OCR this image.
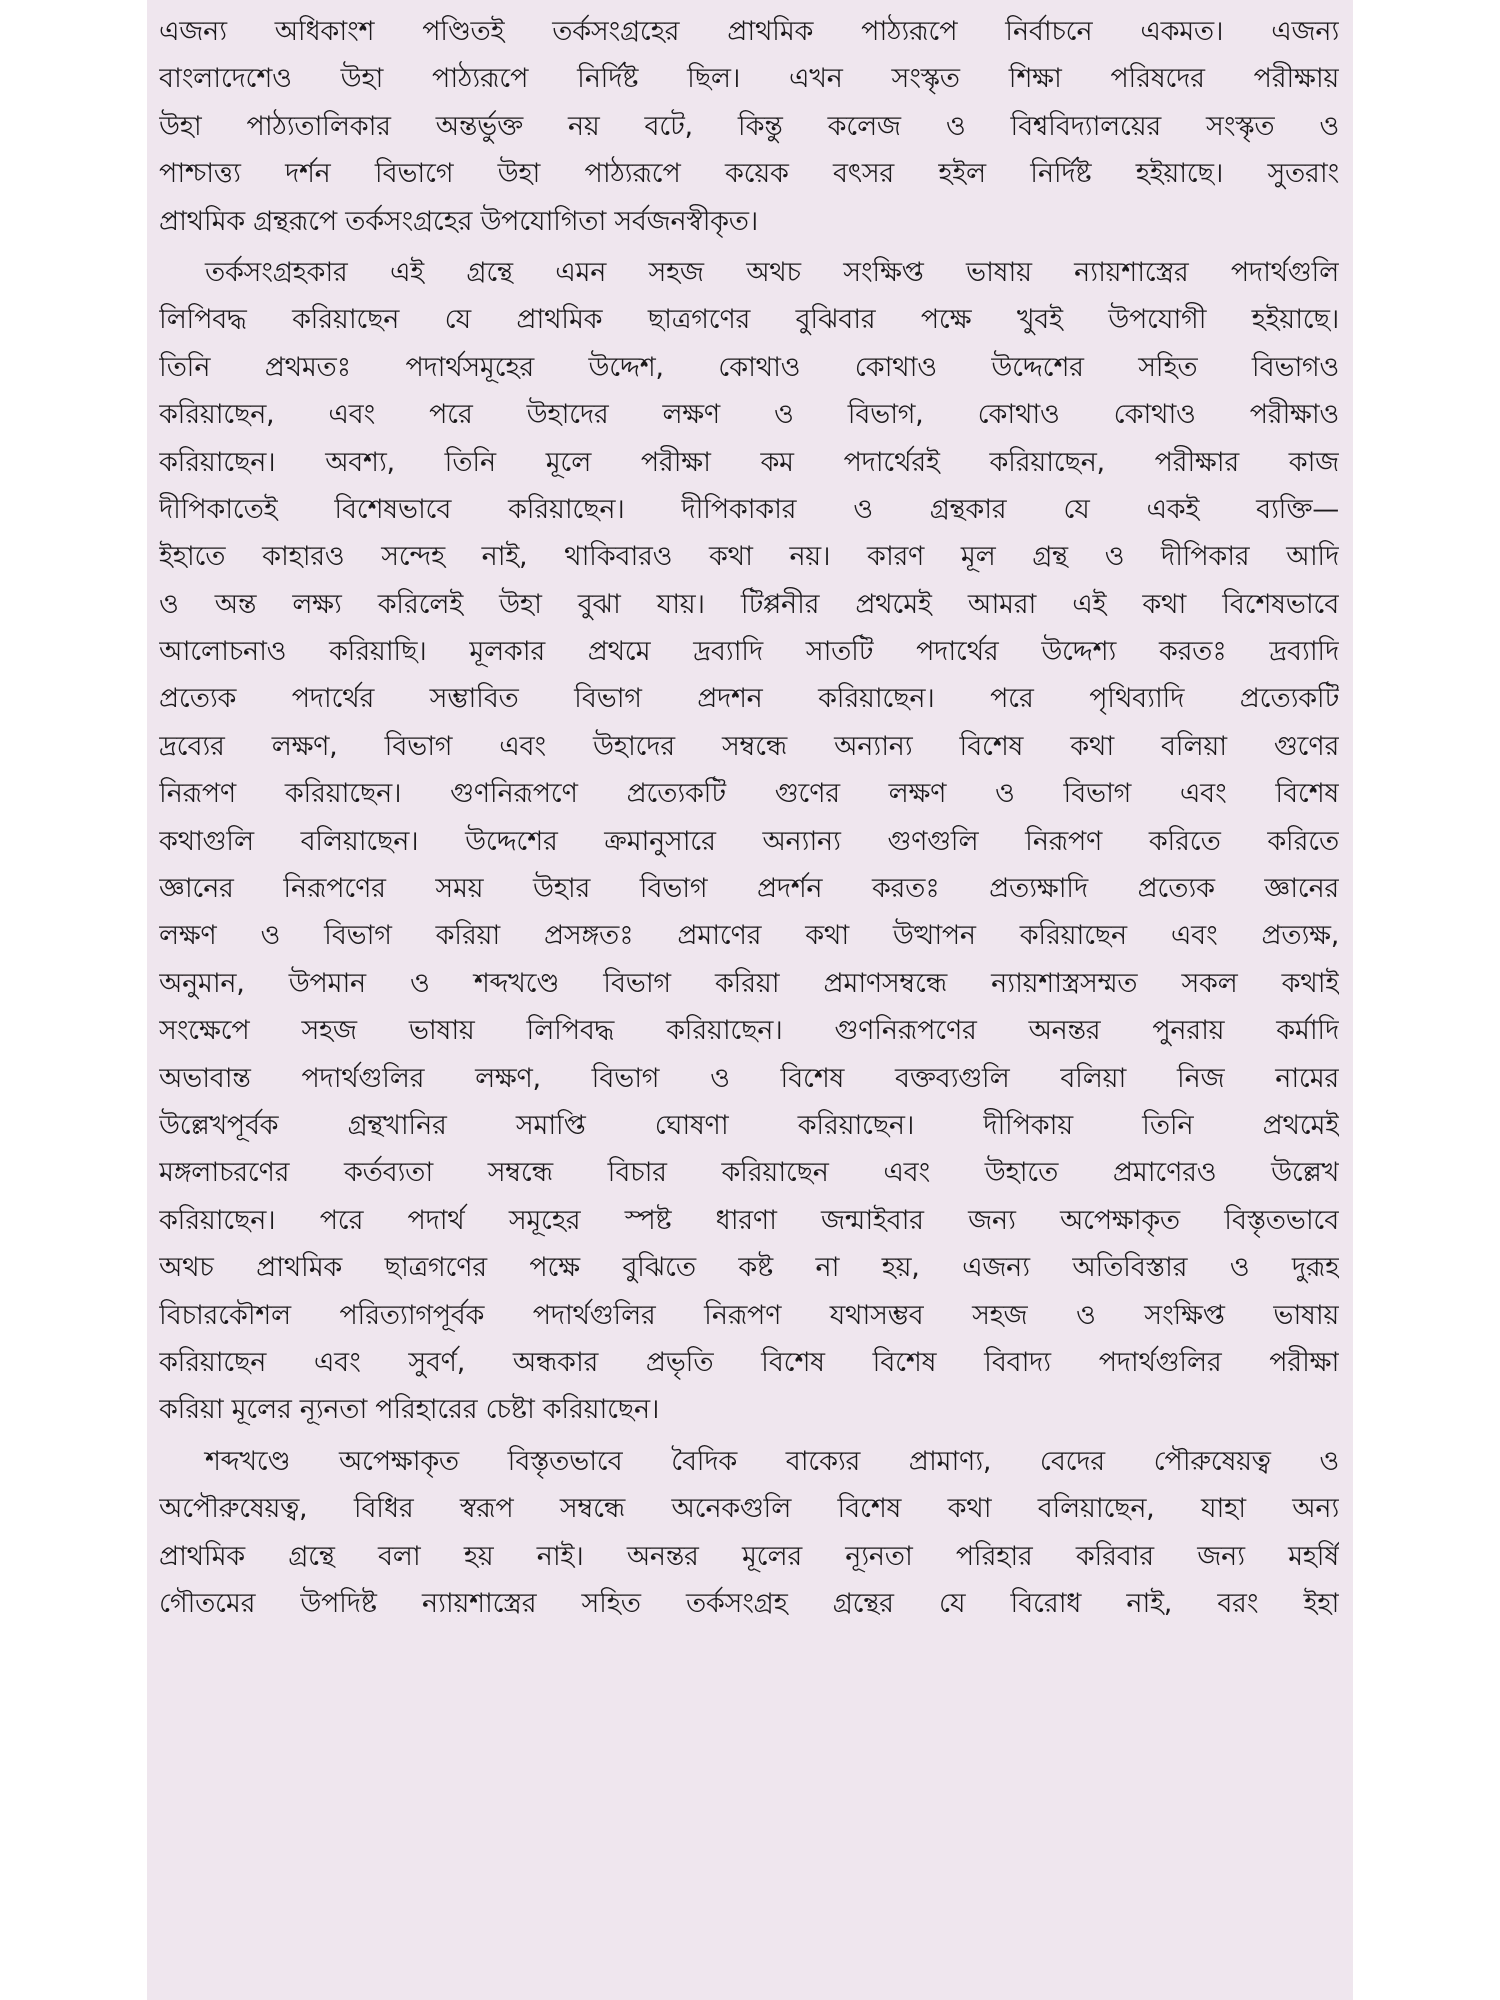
এজন্য অধিকাংশ পণ্ডিতই তর্কসংগ্রহের প্রাথমিক পাঠ্যরূপে নির্বাচনে একমত। এজন্য
বাংলাদেশেও উহা পাঠ্যরূপে নির্দিষ্ট ছিল। এখন সংস্কৃত শিক্ষা পরিষদের পরীক্ষায়
উহা পাঠ্যতালিকার অন্তর্ভুক্ত নয় বটে, কিন্তু কলেজ ও বিশ্ববিদ্যালয়ের সংস্কৃত ও
পাশ্চাত্ত্য দর্শন বিভাগে উহা পাঠ্যরূপে কয়েক বৎসর হইল নির্দিষ্ট হইয়াছে। সুতরাং
প্রাথমিক গ্রন্থরূপে তর্কসংগ্রহের উপযোগিতা সর্বজনস্বীকৃত।
তর্কসংগ্রহকার এই গ্রন্থে এমন সহজ অথচ সংক্ষিপ্ত ভাষায় ন্যায়শাস্ত্রের পদার্থগুলি
লিপিবদ্ধ করিয়াছেন যে প্রাথমিক ছাত্রগণের বুঝিবার পক্ষে খুবই উপযোগী হইয়াছে।
তিনি প্রথমতঃ পদার্থসমূহের উদ্দেশ, কোথাও কোথাও উদ্দেশের সহিত বিভাগও
করিয়াছেন, এবং পরে উহাদের লক্ষণ ও বিভাগ, কোথাও কোথাও পরীক্ষাও
করিয়াছেন। অবশ্য, তিনি মূলে পরীক্ষা কম পদার্থেরই করিয়াছেন, পরীক্ষার কাজ
দীপিকাতেই বিশেষভাবে করিয়াছেন। দীপিকাকার ও গ্রন্থকার যে একই ব্যক্তি—
ইহাতে কাহারও সন্দেহ নাই, থাকিবারও কথা নয়। কারণ মূল গ্রন্থ ও দীপিকার আদি
ও অন্ত লক্ষ্য করিলেই উহা বুঝা যায়। টিপ্পনীর প্রথমেই আমরা এই কথা বিশেষভাবে
আলোচনাও করিয়াছি। মূলকার প্রথমে দ্রব্যাদি সাতটি পদার্থের উদ্দেশ্য করতঃ দ্রব্যাদি
প্রত্যেক পদার্থের সম্ভাবিত বিভাগ প্রদশন করিয়াছেন। পরে পৃথিব্যাদি প্রত্যেকটি
দ্রব্যের লক্ষণ, বিভাগ এবং উহাদের সম্বন্ধে অন্যান্য বিশেষ কথা বলিয়া গুণের
নিরূপণ করিয়াছেন। গুণনিরূপণে প্রত্যেকটি গুণের লক্ষণ ও বিভাগ এবং বিশেষ
কথাগুলি বলিয়াছেন। উদ্দেশের ক্রমানুসারে অন্যান্য গুণগুলি নিরূপণ করিতে করিতে
জ্ঞানের নিরূপণের সময় উহার বিভাগ প্রদর্শন করতঃ প্রত্যক্ষাদি প্রত্যেক জ্ঞানের
লক্ষণ ও বিভাগ করিয়া প্রসঙ্গতঃ প্রমাণের কথা উত্থাপন করিয়াছেন এবং প্রত্যক্ষ,
অনুমান, উপমান ও শব্দখণ্ডে বিভাগ করিয়া প্রমাণসম্বন্ধে ন্যায়শাস্ত্রসম্মত সকল কথাই
সংক্ষেপে সহজ ভাষায় লিপিবদ্ধ করিয়াছেন। গুণনিরূপণের অনন্তর পুনরায় কর্মাদি
অভাবান্ত পদার্থগুলির লক্ষণ, বিভাগ ও বিশেষ বক্তব্যগুলি বলিয়া নিজ নামের
উল্লেখপূর্বক গ্রন্থখানির সমাপ্তি ঘোষণা করিয়াছেন। দীপিকায় তিনি প্রথমেই
মঙ্গলাচরণের কর্তব্যতা সম্বন্ধে বিচার করিয়াছেন এবং উহাতে প্রমাণেরও উল্লেখ
করিয়াছেন। পরে পদার্থ সমূহের স্পষ্ট ধারণা জন্মাইবার জন্য অপেক্ষাকৃত বিস্তৃতভাবে
অথচ প্রাথমিক ছাত্রগণের পক্ষে বুঝিতে কষ্ট না হয়, এজন্য অতিবিস্তার ও দুরূহ
বিচারকৌশল পরিত্যাগপূর্বক পদার্থগুলির নিরূপণ যথাসম্ভব সহজ ও সংক্ষিপ্ত ভাষায়
করিয়াছেন এবং সুবর্ণ, অন্ধকার প্রভৃতি বিশেষ বিশেষ বিবাদ্য পদার্থগুলির পরীক্ষা
করিয়া মূলের ন্যূনতা পরিহারের চেষ্টা করিয়াছেন।
শব্দখণ্ডে অপেক্ষাকৃত বিস্তৃতভাবে বৈদিক বাক্যের প্রামাণ্য, বেদের পৌরুষেয়ত্ব ও
অপৌরুষেয়ত্ব, বিধির স্বরূপ সম্বন্ধে অনেকগুলি বিশেষ কথা বলিয়াছেন, যাহা অন্য
প্রাথমিক গ্রন্থে বলা হয় নাই। অনন্তর মূলের ন্যূনতা পরিহার করিবার জন্য মহর্ষি
গৌতমের উপদিষ্ট ন্যায়শাস্ত্রের সহিত তর্কসংগ্রহ গ্রন্থের যে বিরোধ নাই, বরং ইহা
